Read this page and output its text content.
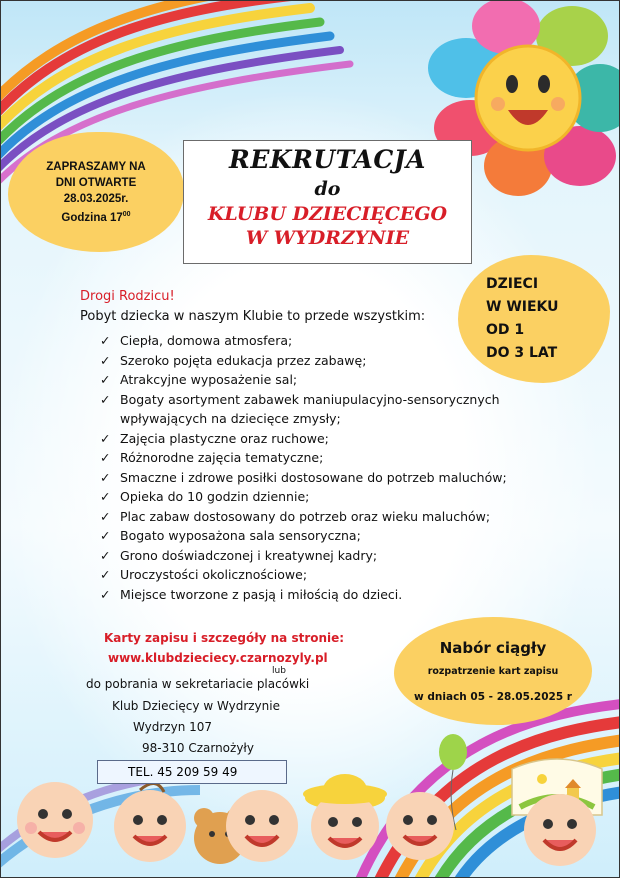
ZAPRASZAMY NA
DNI OTWARTE
28.03.2025r.
Godzina $17^{00}$
REKRUTACJA
do
KLUBU DZIECIĘCEGO
W WYDRZYNIE
DZIECI
W WIEKU
OD 1
DO 3 LAT
Drogi Rodzicu!
Pobyt dziecka w naszym Klubie to przede wszystkim:
✓ Ciepła, domowa atmosfera;
✓ Szeroko pojęta edukacja przez zabawę;
✓ Atrakcyjne wyposażenie sal;
✓ Bogaty asortyment zabawek maniupulacyjno-sensorycznych wpływających na dziecięce zmysły;
✓ Zajęcia plastyczne oraz ruchowe;
✓ Różnorodne zajęcia tematyczne;
✓ Smaczne i zdrowe posiłki dostosowane do potrzeb maluchów;
✓ Opieka do 10 godzin dziennie;
✓ Plac zabaw dostosowany do potrzeb oraz wieku maluchów;
✓ Bogato wyposażona sala sensoryczna;
✓ Grono doświadczonej i kreatywnej kadry;
✓ Uroczystości okolicznościowe;
✓ Miejsce tworzone z pasją i miłością do dzieci.
Karty zapisu i szczegóły na stronie:
www.klubdzieciecy.czarnozyly.pl
lub
do pobrania w sekretariacie placówki
Klub Dziecięcy w Wydrzynie
Wydrzyn 107
98-310 Czarnożyły
TEL. 45 209 59 49
Nabór ciągły
rozpatrzenie kart zapisu
w dniach 05 - 28.05.2025 r
